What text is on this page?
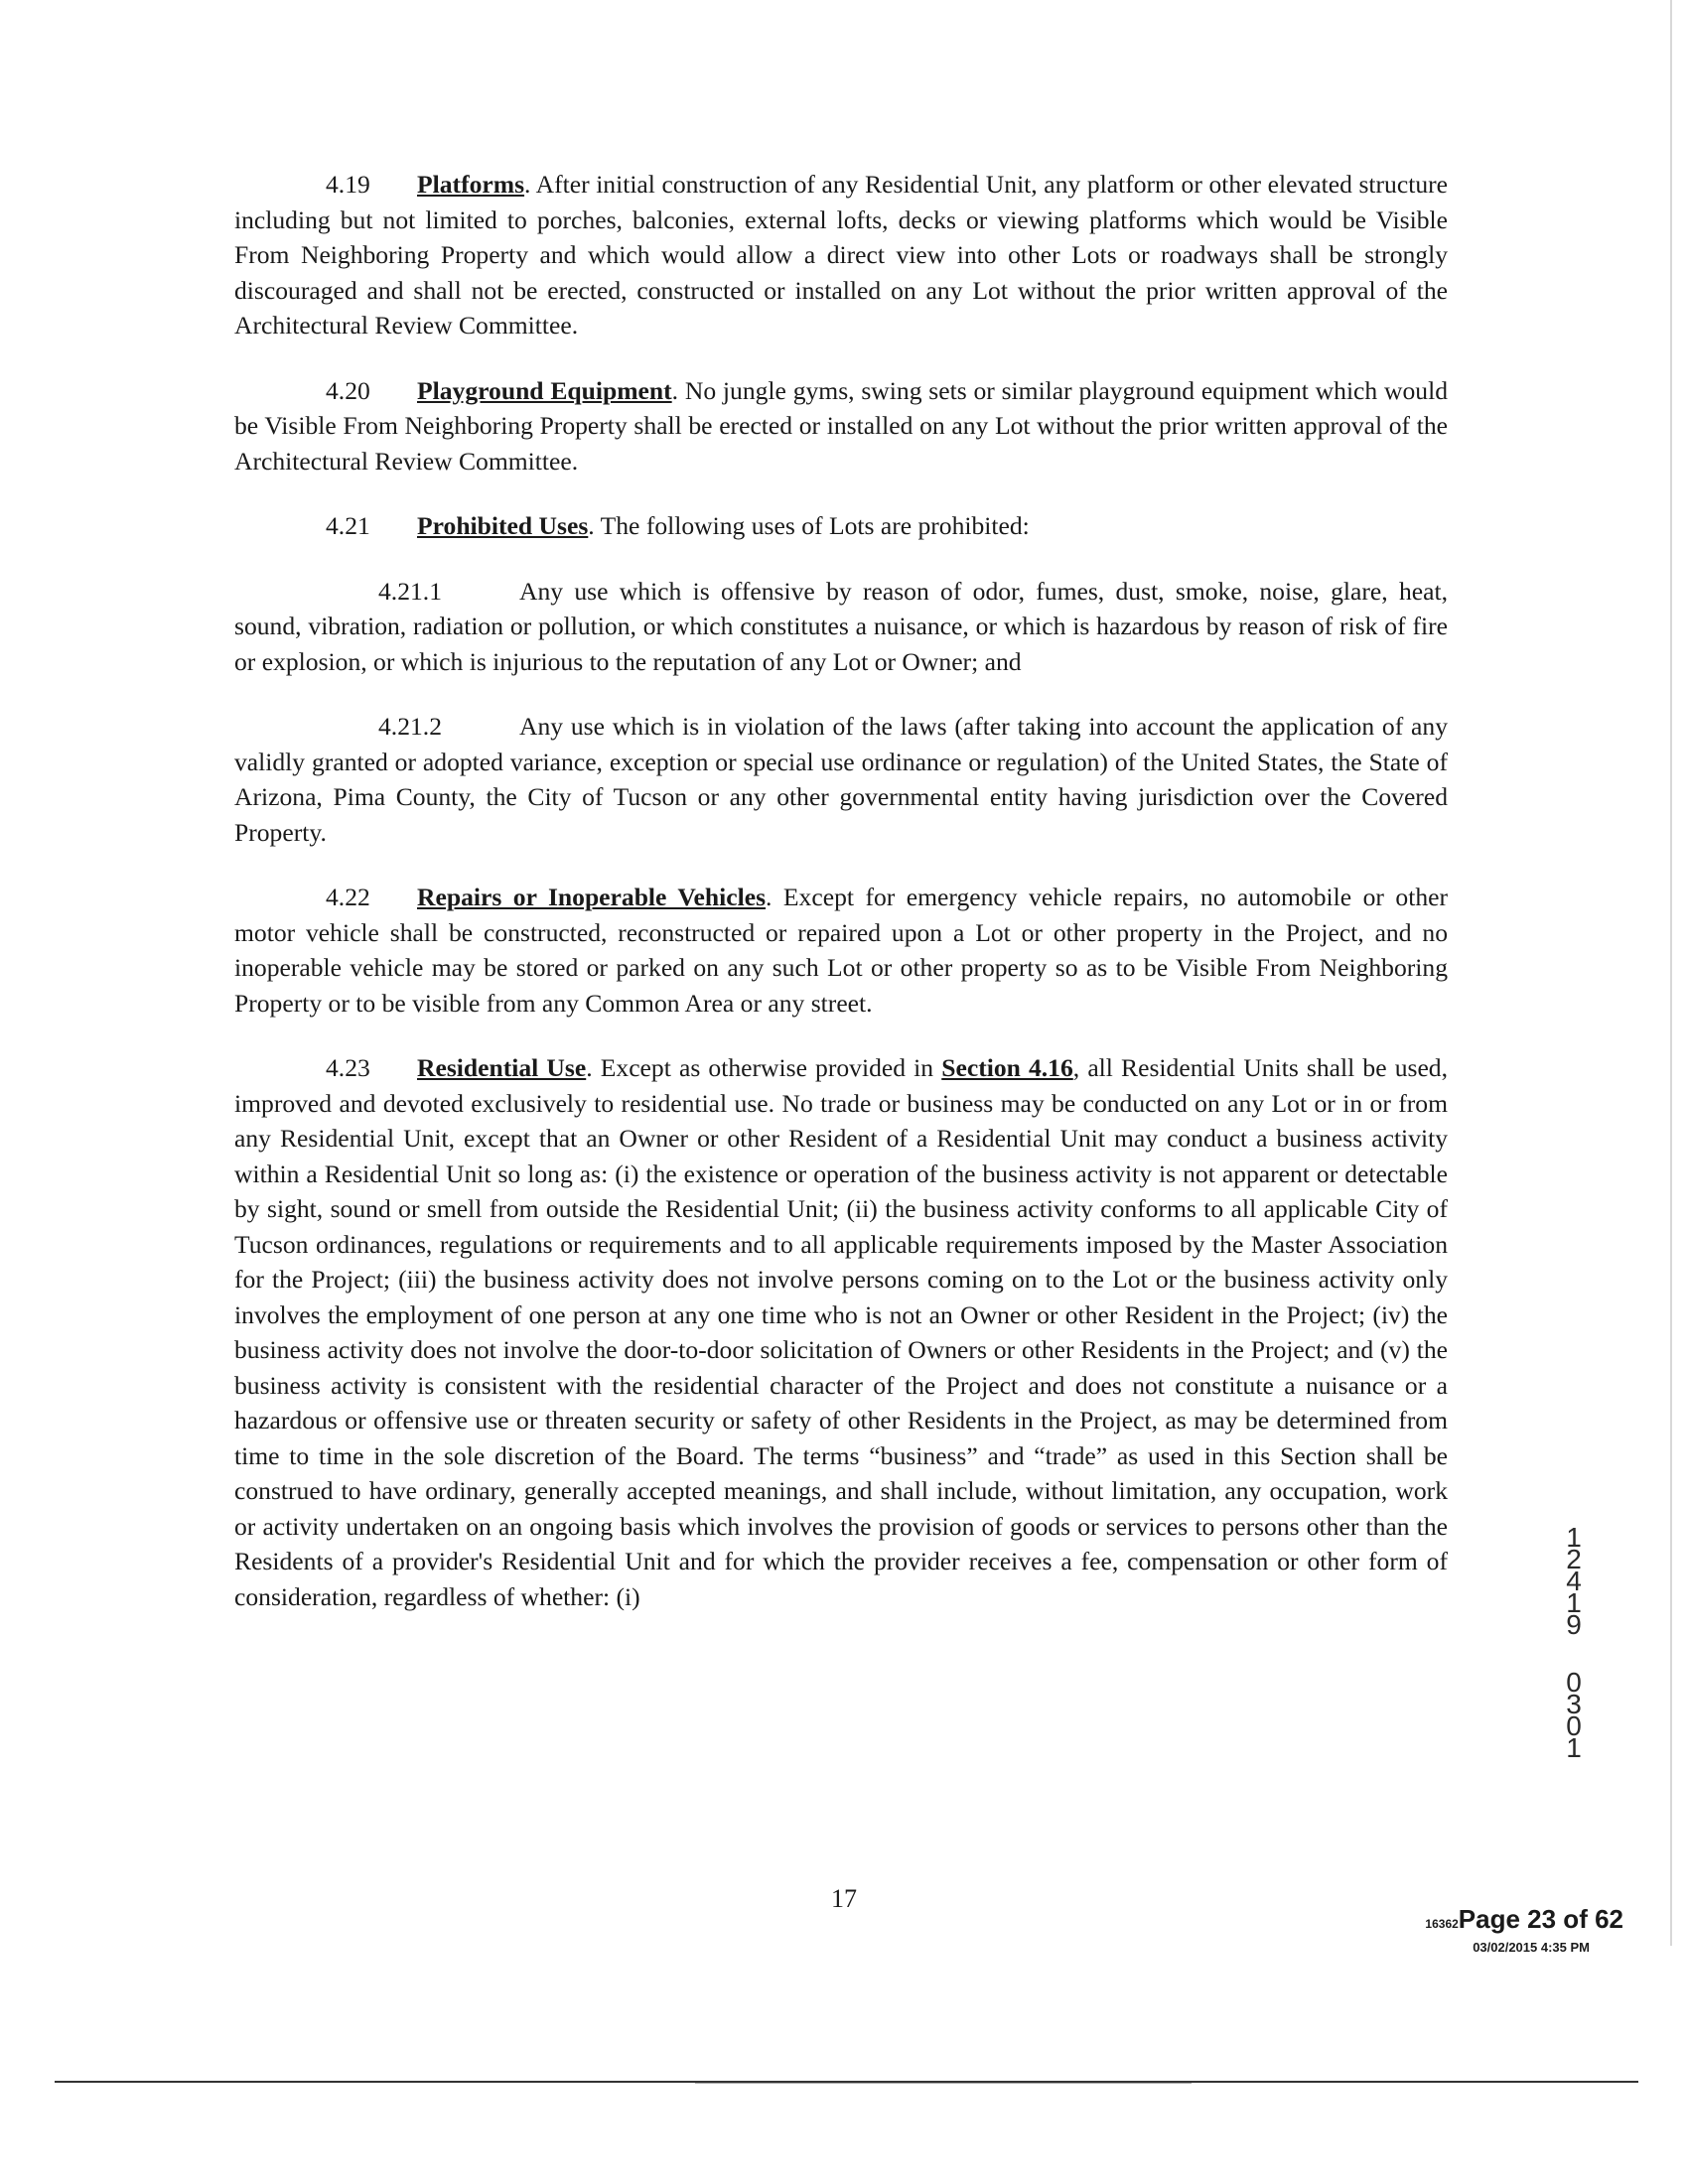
4.19 Platforms. After initial construction of any Residential Unit, any platform or other elevated structure including but not limited to porches, balconies, external lofts, decks or viewing platforms which would be Visible From Neighboring Property and which would allow a direct view into other Lots or roadways shall be strongly discouraged and shall not be erected, constructed or installed on any Lot without the prior written approval of the Architectural Review Committee.

4.20 Playground Equipment. No jungle gyms, swing sets or similar playground equipment which would be Visible From Neighboring Property shall be erected or installed on any Lot without the prior written approval of the Architectural Review Committee.

4.21 Prohibited Uses. The following uses of Lots are prohibited:

4.21.1	Any use which is offensive by reason of odor, fumes, dust, smoke, noise, glare, heat, sound, vibration, radiation or pollution, or which constitutes a nuisance, or which is hazardous by reason of risk of fire or explosion, or which is injurious to the reputation of any Lot or Owner; and

4.21.2	Any use which is in violation of the laws (after taking into account the application of any validly granted or adopted variance, exception or special use ordinance or regulation) of the United States, the State of Arizona, Pima County, the City of Tucson or any other governmental entity having jurisdiction over the Covered Property.

4.22 Repairs or Inoperable Vehicles. Except for emergency vehicle repairs, no automobile or other motor vehicle shall be constructed, reconstructed or repaired upon a Lot or other property in the Project, and no inoperable vehicle may be stored or parked on any such Lot or other property so as to be Visible From Neighboring Property or to be visible from any Common Area or any street.

4.23 Residential Use. Except as otherwise provided in Section 4.16, all Residential Units shall be used, improved and devoted exclusively to residential use. No trade or business may be conducted on any Lot or in or from any Residential Unit, except that an Owner or other Resident of a Residential Unit may conduct a business activity within a Residential Unit so long as: (i) the existence or operation of the business activity is not apparent or detectable by sight, sound or smell from outside the Residential Unit; (ii) the business activity conforms to all applicable City of Tucson ordinances, regulations or requirements and to all applicable requirements imposed by the Master Association for the Project; (iii) the business activity does not involve persons coming on to the Lot or the business activity only involves the employment of one person at any one time who is not an Owner or other Resident in the Project; (iv) the business activity does not involve the door-to-door solicitation of Owners or other Residents in the Project; and (v) the business activity is consistent with the residential character of the Project and does not constitute a nuisance or a hazardous or offensive use or threaten security or safety of other Residents in the Project, as may be determined from time to time in the sole discretion of the Board. The terms “business” and “trade” as used in this Section shall be construed to have ordinary, generally accepted meanings, and shall include, without limitation, any occupation, work or activity undertaken on an ongoing basis which involves the provision of goods or services to persons other than the Residents of a provider's Residential Unit and for which the provider receives a fee, compensation or other form of consideration, regardless of whether: (i)

17
12419
0301
16362Page 23 of 62
03/02/2015 4:35 PM
